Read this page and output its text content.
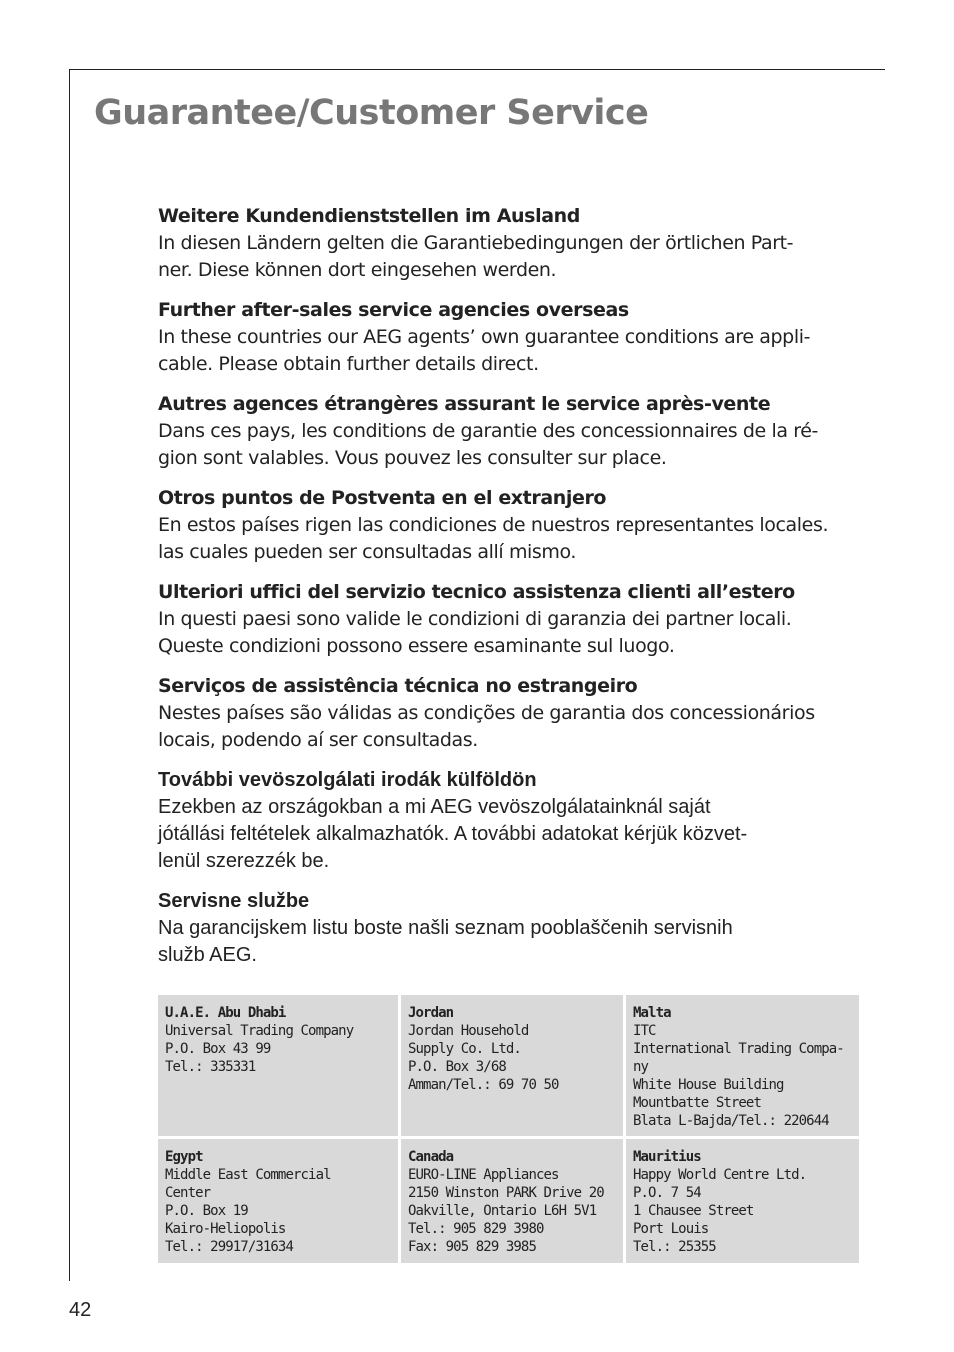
Guarantee/Customer Service
Weitere Kundendienststellen im Ausland
In diesen Ländern gelten die Garantiebedingungen der örtlichen Part-
ner. Diese können dort eingesehen werden.
Further after-sales service agencies overseas
In these countries our AEG agents’ own guarantee conditions are appli-
cable. Please obtain further details direct.
Autres agences étrangères assurant le service après-vente
Dans ces pays, les conditions de garantie des concessionnaires de la ré-
gion sont valables. Vous pouvez les consulter sur place.
Otros puntos de Postventa en el extranjero
En estos países rigen las condiciones de nuestros representantes locales.
las cuales pueden ser consultadas allí mismo.
Ulteriori uffici del servizio tecnico assistenza clienti all’estero
In questi paesi sono valide le condizioni di garanzia dei partner locali.
Queste condizioni possono essere esaminante sul luogo.
Serviços de assistência técnica no estrangeiro
Nestes países são válidas as condições de garantia dos concessionários
locais, podendo aí ser consultadas.
További vevöszolgálati irodák külföldön
Ezekben az országokban a mi AEG vevöszolgálatainknál saját
jótállási feltételek alkalmazhatók. A további adatokat kérjük közvet-
lenül szerezzék be.
Servisne službe
Na garancijskem listu boste našli seznam pooblaščenih servisnih
služb AEG.
U.A.E. Abu Dhabi
Universal Trading Company
P.O. Box 43 99
Tel.: 335331
Jordan
Jordan Household
Supply Co. Ltd.
P.O. Box 3/68
Amman/Tel.: 69 70 50
Malta
ITC
International Trading Compa-
ny
White House Building
Mountbatte Street
Blata L-Bajda/Tel.: 220644
Egypt
Middle East Commercial
Center
P.O. Box 19
Kairo-Heliopolis
Tel.: 29917/31634
Canada
EURO-LINE Appliances
2150 Winston PARK Drive 20
Oakville, Ontario L6H 5V1
Tel.: 905 829 3980
Fax: 905 829 3985
Mauritius
Happy World Centre Ltd.
P.O. 7 54
1 Chausee Street
Port Louis
Tel.: 25355
42
